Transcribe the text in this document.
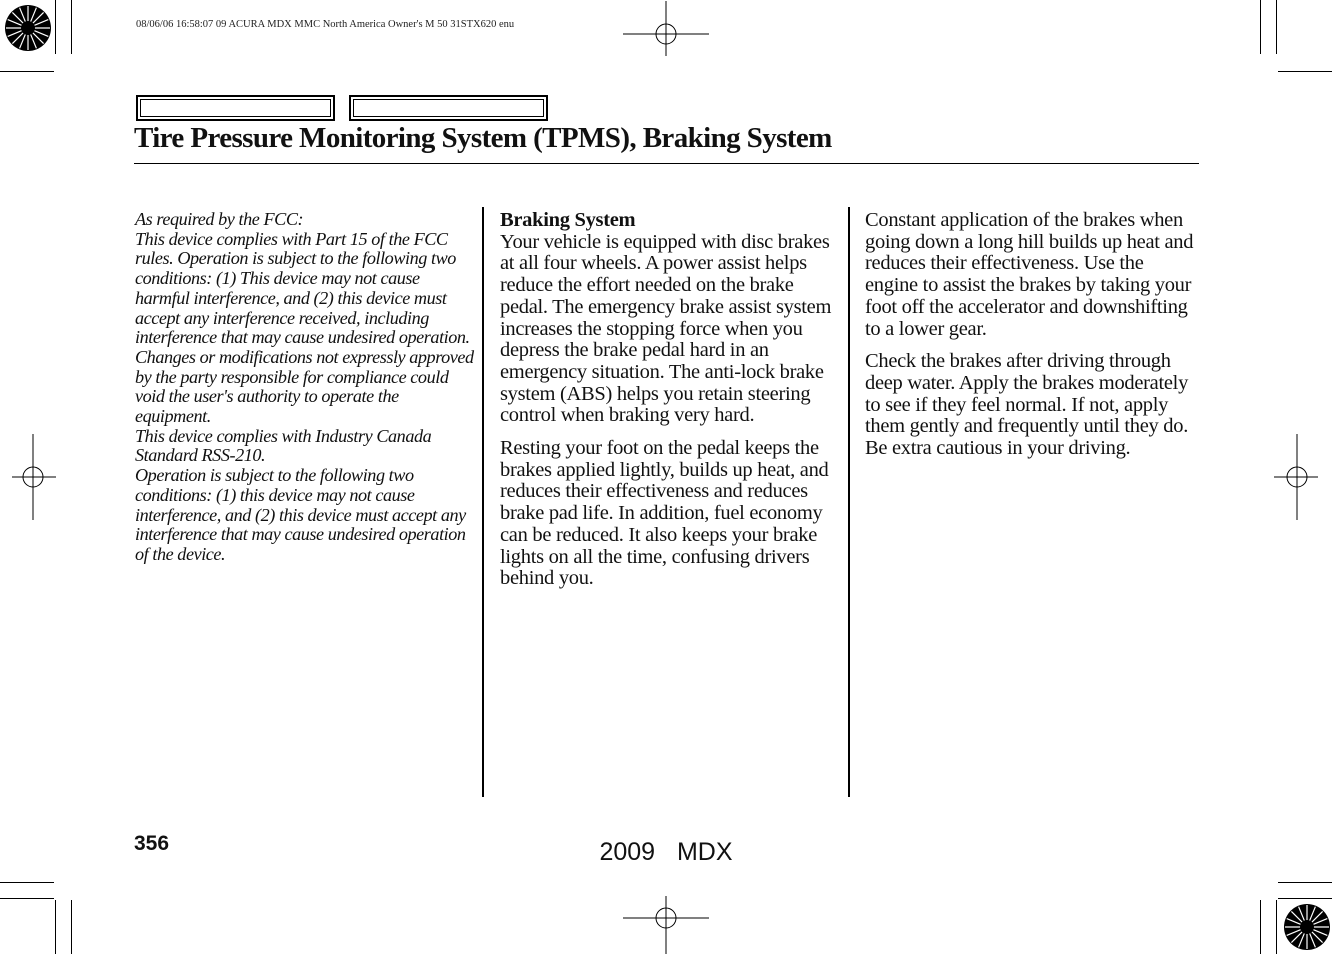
08/06/06 16:58:07 09 ACURA MDX MMC North America Owner's M 50 31STX620 enu
Tire Pressure Monitoring System (TPMS), Braking System

As required by the FCC:

This device complies with Part 15 of the FCC rules. Operation is subject to the following two conditions: (1) This device may not cause harmful interference, and (2) this device must accept any interference received, including interference that may cause undesired operation.

Changes or modifications not expressly approved by the party responsible for compliance could void the user's authority to operate the equipment.

This device complies with Industry Canada Standard RSS-210.

Operation is subject to the following two conditions: (1) this device may not cause interference, and (2) this device must accept any interference that may cause undesired operation of the device.

Braking System

Your vehicle is equipped with disc brakes at all four wheels. A power assist helps reduce the effort needed on the brake pedal. The emergency brake assist system increases the stopping force when you depress the brake pedal hard in an emergency situation. The anti-lock brake system (ABS) helps you retain steering control when braking very hard.

Resting your foot on the pedal keeps the brakes applied lightly, builds up heat, and reduces their effectiveness and reduces brake pad life. In addition, fuel economy can be reduced. It also keeps your brake lights on all the time, confusing drivers behind you.

Constant application of the brakes when going down a long hill builds up heat and reduces their effectiveness. Use the engine to assist the brakes by taking your foot off the accelerator and downshifting to a lower gear.

Check the brakes after driving through deep water. Apply the brakes moderately to see if they feel normal. If not, apply them gently and frequently until they do. Be extra cautious in your driving.

356	2009  MDX
